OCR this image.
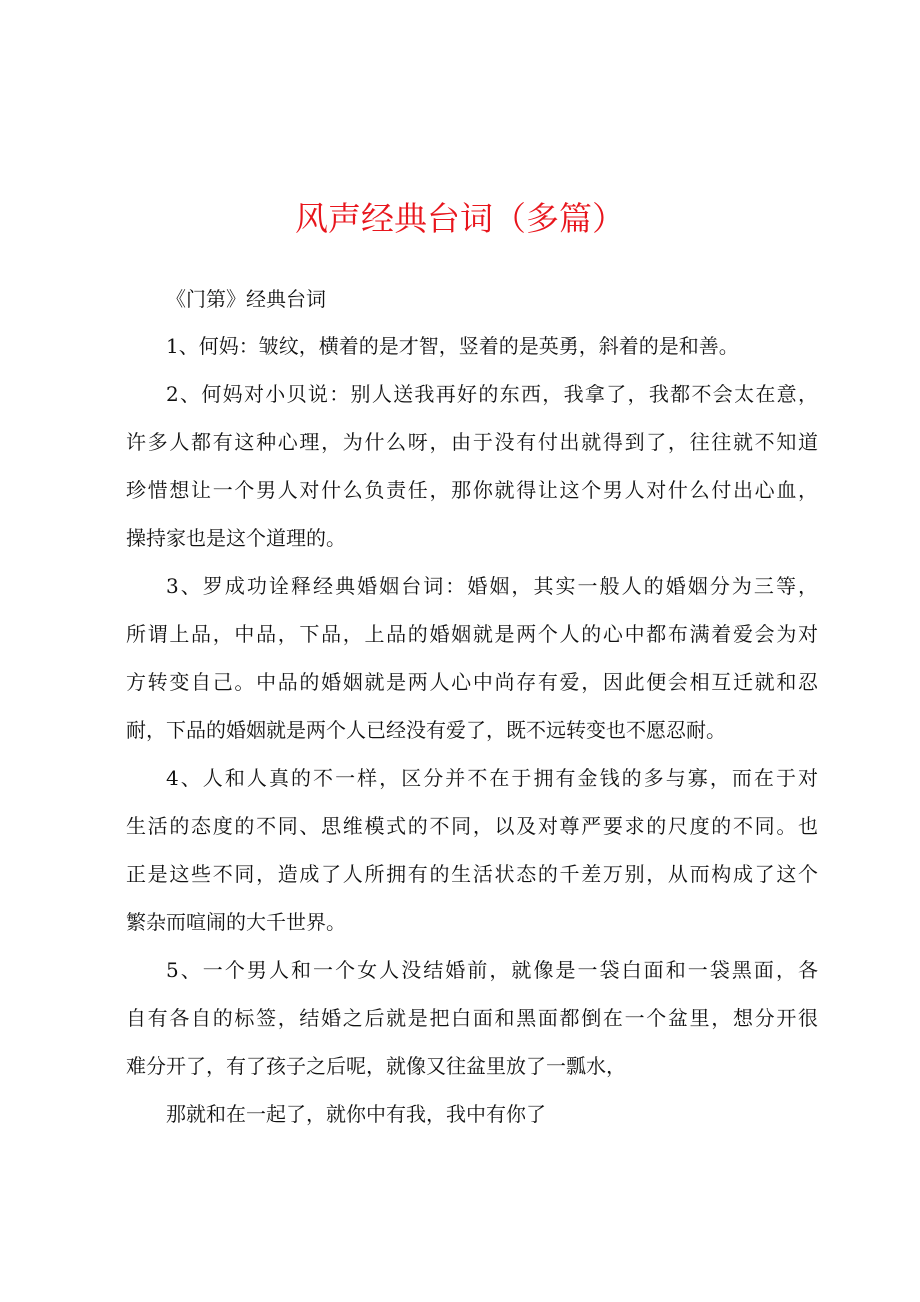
风声经典台词（多篇）
《门第》经典台词
1、何妈：皱纹，横着的是才智，竖着的是英勇，斜着的是和善。
2、何妈对小贝说：别人送我再好的东西，我拿了，我都不会太在意，
许多人都有这种心理，为什么呀，由于没有付出就得到了，往往就不知道
珍惜想让一个男人对什么负责任，那你就得让这个男人对什么付出心血，
操持家也是这个道理的。
3、罗成功诠释经典婚姻台词：婚姻，其实一般人的婚姻分为三等，
所谓上品，中品，下品，上品的婚姻就是两个人的心中都布满着爱会为对
方转变自己。中品的婚姻就是两人心中尚存有爱，因此便会相互迁就和忍
耐，下品的婚姻就是两个人已经没有爱了，既不远转变也不愿忍耐。
4、人和人真的不一样，区分并不在于拥有金钱的多与寡，而在于对
生活的态度的不同、思维模式的不同，以及对尊严要求的尺度的不同。也
正是这些不同，造成了人所拥有的生活状态的千差万别，从而构成了这个
繁杂而喧闹的大千世界。
5、一个男人和一个女人没结婚前，就像是一袋白面和一袋黑面，各
自有各自的标签，结婚之后就是把白面和黑面都倒在一个盆里，想分开很
难分开了，有了孩子之后呢，就像又往盆里放了一瓢水，
那就和在一起了，就你中有我，我中有你了
